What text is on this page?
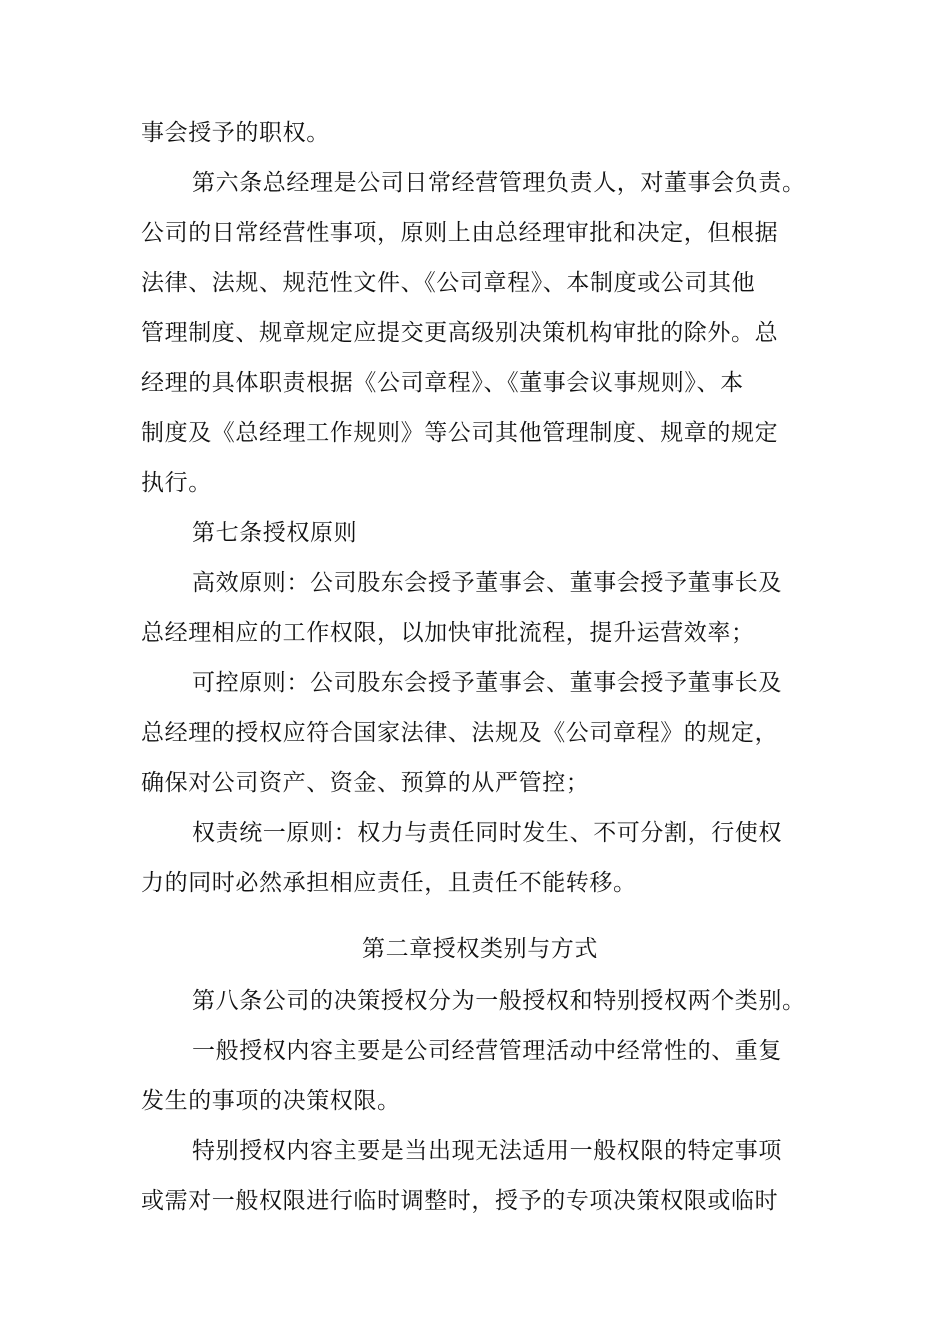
事会授予的职权。
第六条总经理是公司日常经营管理负责人，对董事会负责。
公司的日常经营性事项，原则上由总经理审批和决定，但根据
法律、法规、规范性文件、《公司章程》、本制度或公司其他
管理制度、规章规定应提交更高级别决策机构审批的除外。总
经理的具体职责根据《公司章程》、《董事会议事规则》、本
制度及《总经理工作规则》等公司其他管理制度、规章的规定
执行。
第七条授权原则
高效原则：公司股东会授予董事会、董事会授予董事长及
总经理相应的工作权限，以加快审批流程，提升运营效率；
可控原则：公司股东会授予董事会、董事会授予董事长及
总经理的授权应符合国家法律、法规及《公司章程》的规定，
确保对公司资产、资金、预算的从严管控；
权责统一原则：权力与责任同时发生、不可分割，行使权
力的同时必然承担相应责任，且责任不能转移。
第二章授权类别与方式
第八条公司的决策授权分为一般授权和特别授权两个类别。
一般授权内容主要是公司经营管理活动中经常性的、重复
发生的事项的决策权限。
特别授权内容主要是当出现无法适用一般权限的特定事项
或需对一般权限进行临时调整时，授予的专项决策权限或临时
